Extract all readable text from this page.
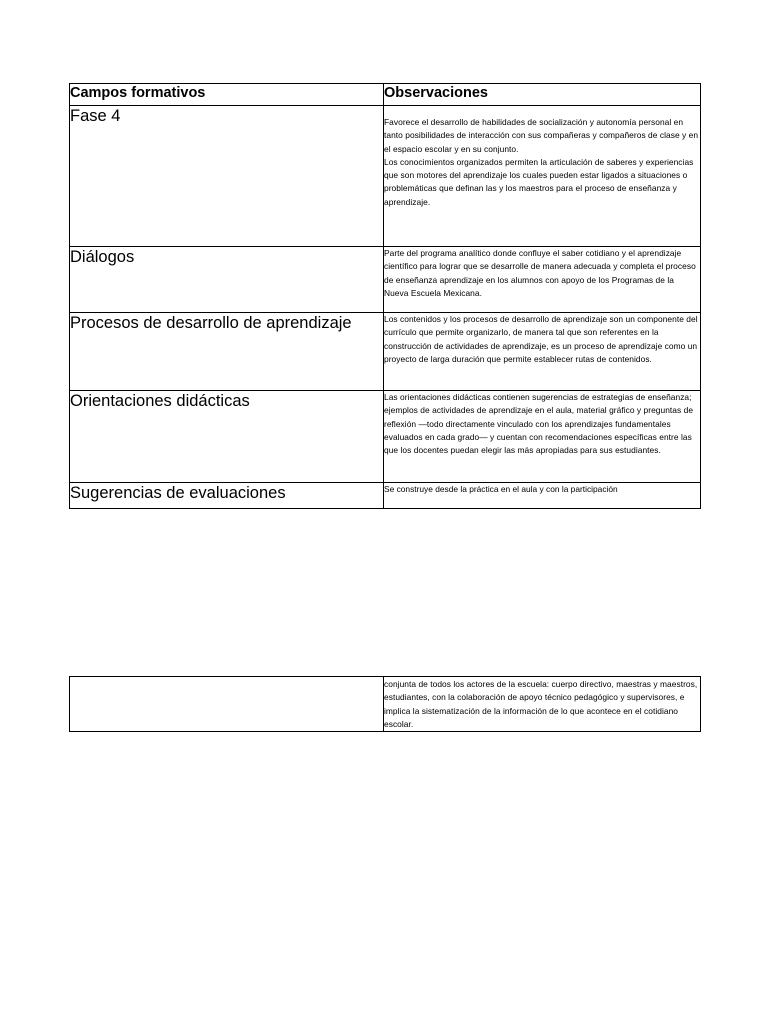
Campos formativos	Observaciones
Fase 4	Favorece el desarrollo de habilidades de socialización y autonomía personal en tanto posibilidades de interacción con sus compañeras y compañeros de clase y en el espacio escolar y en su conjunto.
Los conocimientos organizados permiten la articulación de saberes y experiencias que son motores del aprendizaje los cuales pueden estar ligados a situaciones o problemáticas que definan las y los maestros para el proceso de enseñanza y aprendizaje.

Diálogos	Parte del programa analítico donde confluye el saber cotidiano y el aprendizaje científico para lograr que se desarrolle de manera adecuada y completa el proceso de enseñanza aprendizaje en los alumnos con apoyo de los Programas de la Nueva Escuela Mexicana.
Procesos de desarrollo de aprendizaje	Los contenidos y los procesos de desarrollo de aprendizaje son un componente del currículo que permite organizarlo, de manera tal que son referentes en la construcción de actividades de aprendizaje, es un proceso de aprendizaje como un proyecto de larga duración que permite establecer rutas de contenidos.
Orientaciones didácticas	Las orientaciones didácticas contienen sugerencias de estrategias de enseñanza; ejemplos de actividades de aprendizaje en el aula, material gráfico y preguntas de reflexión —todo directamente vinculado con los aprendizajes fundamentales evaluados en cada grado— y cuentan con recomendaciones específicas entre las que los docentes puedan elegir las más apropiadas para sus estudiantes.
Sugerencias de evaluaciones	Se construye desde la práctica en el aula y con la participación
	conjunta de todos los actores de la escuela: cuerpo directivo, maestras y maestros, estudiantes, con la colaboración de apoyo técnico pedagógico y supervisores, e implica la sistematización de la información de lo que acontece en el cotidiano escolar.
